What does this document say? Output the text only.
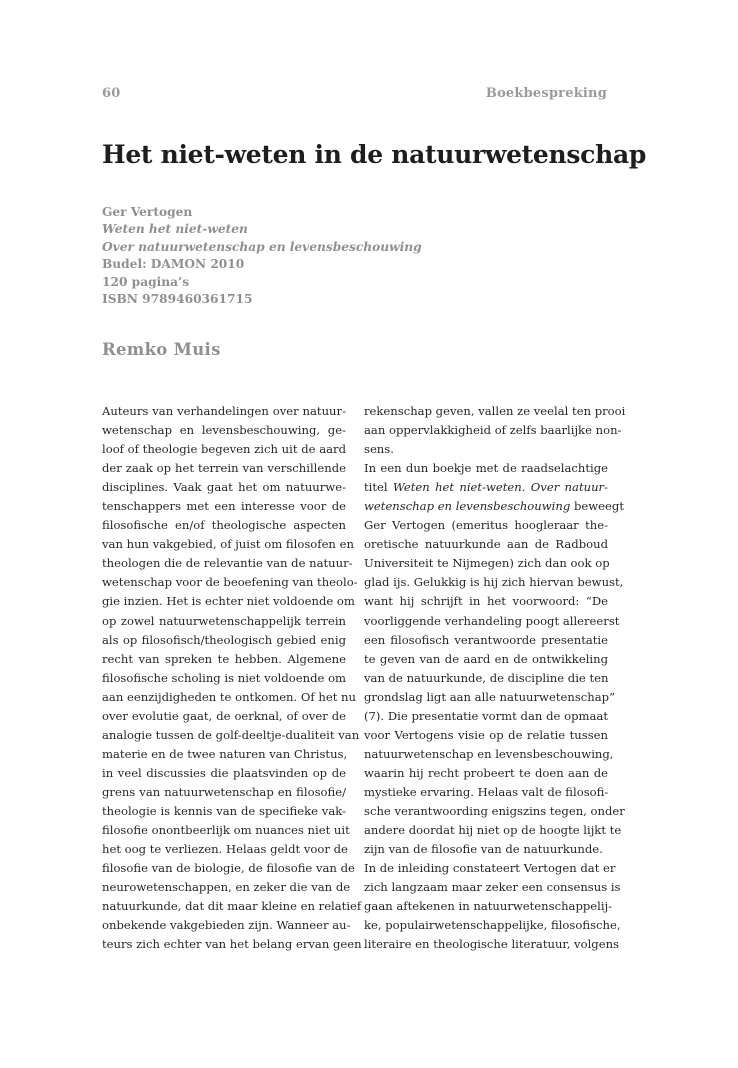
60	Boekbespreking
Het niet-weten in de natuurwetenschap
Ger Vertogen
Weten het niet-weten
Over natuurwetenschap en levensbeschouwing
Budel: DAMON 2010
120 pagina’s
ISBN 9789460361715
Remko Muis
Auteurs van verhandelingen over natuur-
wetenschap en levensbeschouwing, ge-
loof of theologie begeven zich uit de aard
der zaak op het terrein van verschillende
disciplines. Vaak gaat het om natuurwe-
tenschappers met een interesse voor de
filosofische en/of theologische aspecten
van hun vakgebied, of juist om filosofen en
theologen die de relevantie van de natuur-
wetenschap voor de beoefening van theolo-
gie inzien. Het is echter niet voldoende om
op zowel natuurwetenschappelijk terrein
als op filosofisch/theologisch gebied enig
recht van spreken te hebben. Algemene
filosofische scholing is niet voldoende om
aan eenzijdigheden te ontkomen. Of het nu
over evolutie gaat, de oerknal, of over de
analogie tussen de golf-deeltje-dualiteit van
materie en de twee naturen van Christus,
in veel discussies die plaatsvinden op de
grens van natuurwetenschap en filosofie/
theologie is kennis van de specifieke vak-
filosofie onontbeerlijk om nuances niet uit
het oog te verliezen. Helaas geldt voor de
filosofie van de biologie, de filosofie van de
neurowetenschappen, en zeker die van de
natuurkunde, dat dit maar kleine en relatief
onbekende vakgebieden zijn. Wanneer au-
teurs zich echter van het belang ervan geen
rekenschap geven, vallen ze veelal ten prooi
aan oppervlakkigheid of zelfs baarlijke non-
sens.
In een dun boekje met de raadselachtige
titel Weten het niet-weten. Over natuur-
wetenschap en levensbeschouwing beweegt
Ger Vertogen (emeritus hoogleraar the-
oretische natuurkunde aan de Radboud
Universiteit te Nijmegen) zich dan ook op
glad ijs. Gelukkig is hij zich hiervan bewust,
want hij schrijft in het voorwoord: “De
voorliggende verhandeling poogt allereerst
een filosofisch verantwoorde presentatie
te geven van de aard en de ontwikkeling
van de natuurkunde, de discipline die ten
grondslag ligt aan alle natuurwetenschap”
(7). Die presentatie vormt dan de opmaat
voor Vertogens visie op de relatie tussen
natuurwetenschap en levensbeschouwing,
waarin hij recht probeert te doen aan de
mystieke ervaring. Helaas valt de filosofi-
sche verantwoording enigszins tegen, onder
andere doordat hij niet op de hoogte lijkt te
zijn van de filosofie van de natuurkunde.
In de inleiding constateert Vertogen dat er
zich langzaam maar zeker een consensus is
gaan aftekenen in natuurwetenschappelij-
ke, populairwetenschappelijke, filosofische,
literaire en theologische literatuur, volgens
